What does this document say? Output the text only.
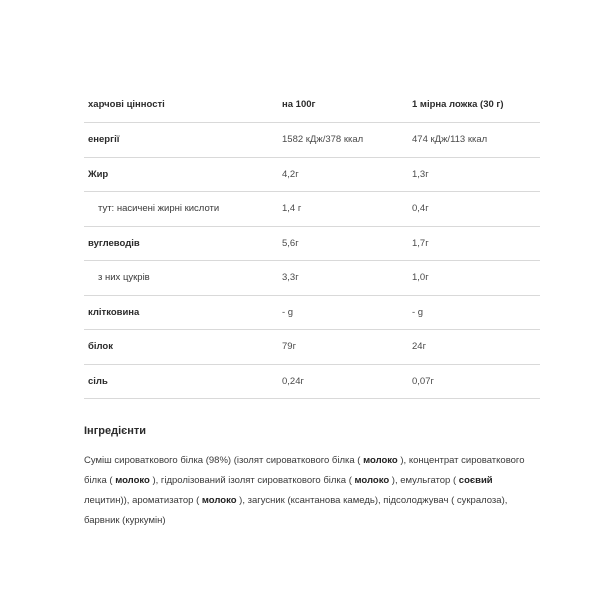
харчові цінності	на 100г	1 мірна ложка (30 г)
енергії	1582 кДж/378 ккал	474 кДж/113 ккал
Жир	4,2г	1,3г
тут: насичені жирні кислоти	1,4 г	0,4г
вуглеводів	5,6г	1,7г
з них цукрів	3,3г	1,0г
клітковина	- g	- g
білок	79г	24г
сіль	0,24г	0,07г
Інгредієнти
Суміш сироваткового білка (98%) (ізолят сироваткового білка ( молоко ), концентрат сироваткового білка ( молоко ), гідролізований ізолят сироваткового білка ( молоко ), емульгатор ( соєвий лецитин)), ароматизатор ( молоко ), загусник (ксантанова камедь), підсолоджувач ( сукралоза), барвник (куркумін)
